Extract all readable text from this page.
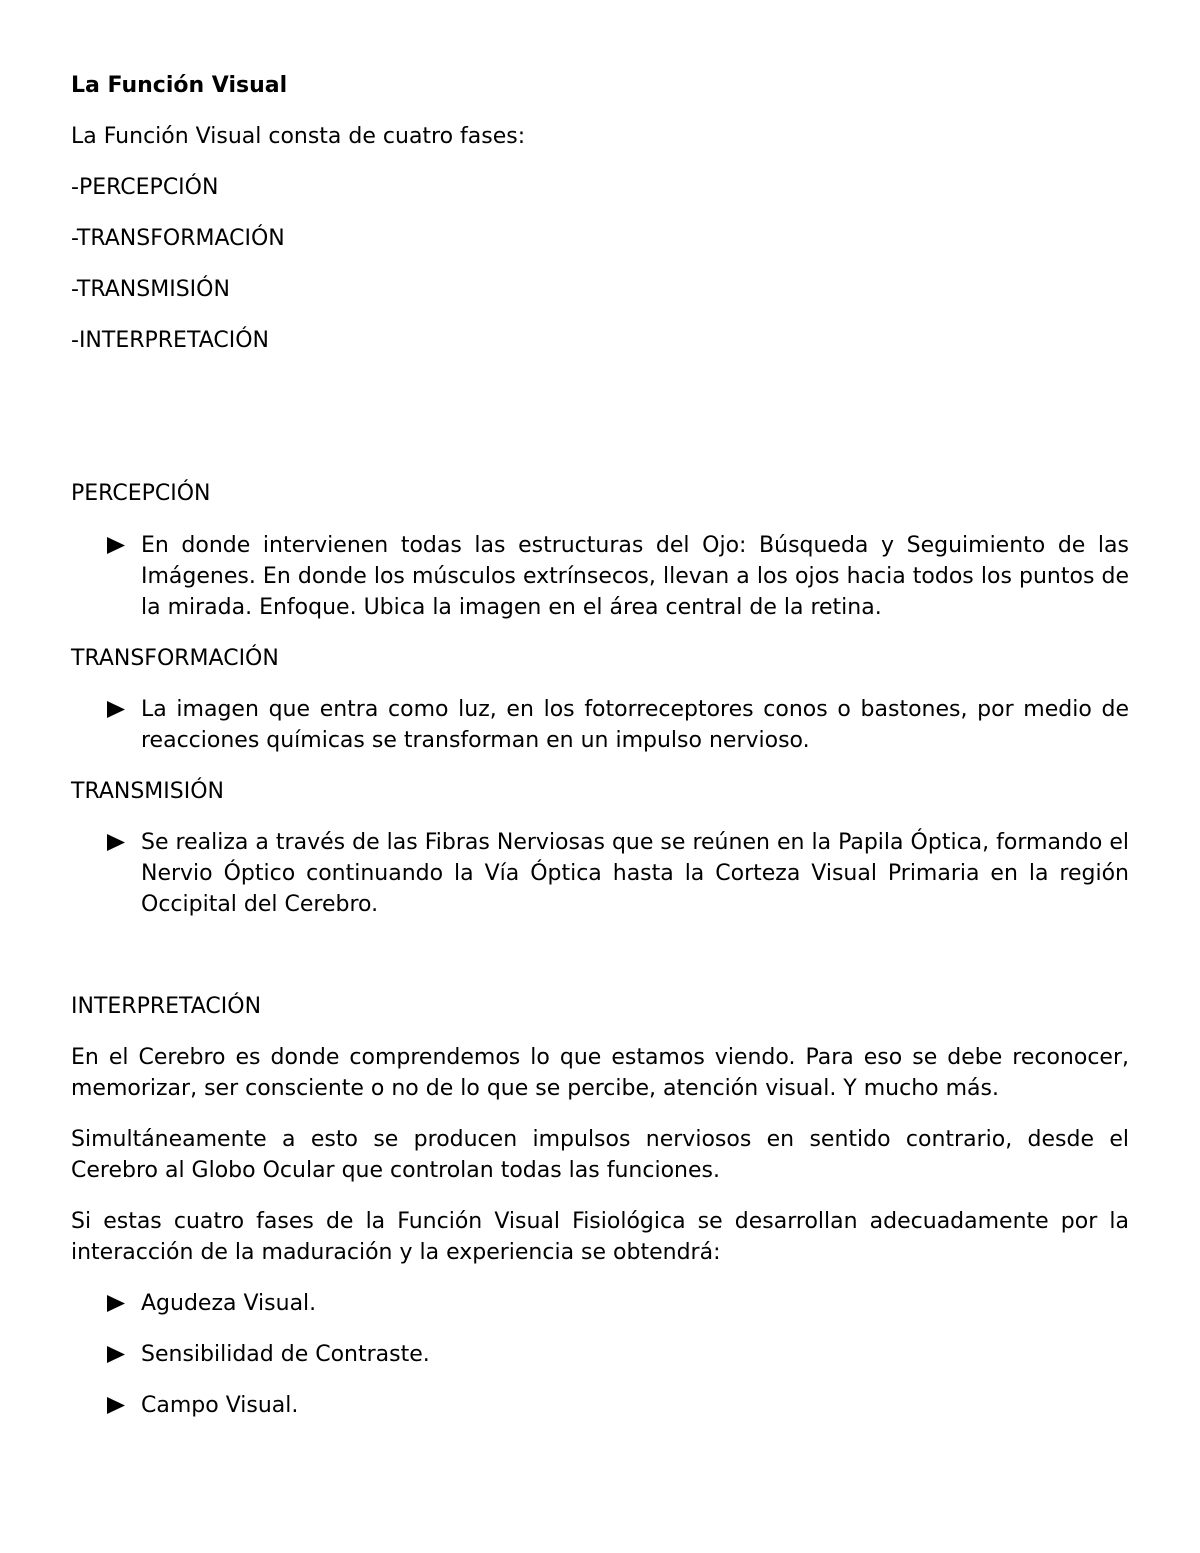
La Función Visual

La Función Visual consta de cuatro fases:

-PERCEPCIÓN

-TRANSFORMACIÓN

-TRANSMISIÓN

-INTERPRETACIÓN

PERCEPCIÓN

En donde intervienen todas las estructuras del Ojo: Búsqueda y Seguimiento de las Imágenes. En donde los músculos extrínsecos, llevan a los ojos hacia todos los puntos de la mirada. Enfoque. Ubica la imagen en el área central de la retina.

TRANSFORMACIÓN

La imagen que entra como luz, en los fotorreceptores conos o bastones, por medio de reacciones químicas se transforman en un impulso nervioso.

TRANSMISIÓN

Se realiza a través de las Fibras Nerviosas que se reúnen en la Papila Óptica, formando el Nervio Óptico continuando la Vía Óptica hasta la Corteza Visual Primaria en la región Occipital del Cerebro.

INTERPRETACIÓN

En el Cerebro es donde comprendemos lo que estamos viendo. Para eso se debe reconocer, memorizar, ser consciente o no de lo que se percibe, atención visual. Y mucho más.

Simultáneamente a esto se producen impulsos nerviosos en sentido contrario, desde el Cerebro al Globo Ocular que controlan todas las funciones.

Si estas cuatro fases de la Función Visual Fisiológica se desarrollan adecuadamente por la interacción de la maduración y la experiencia se obtendrá:

Agudeza Visual.
Sensibilidad de Contraste.
Campo Visual.
